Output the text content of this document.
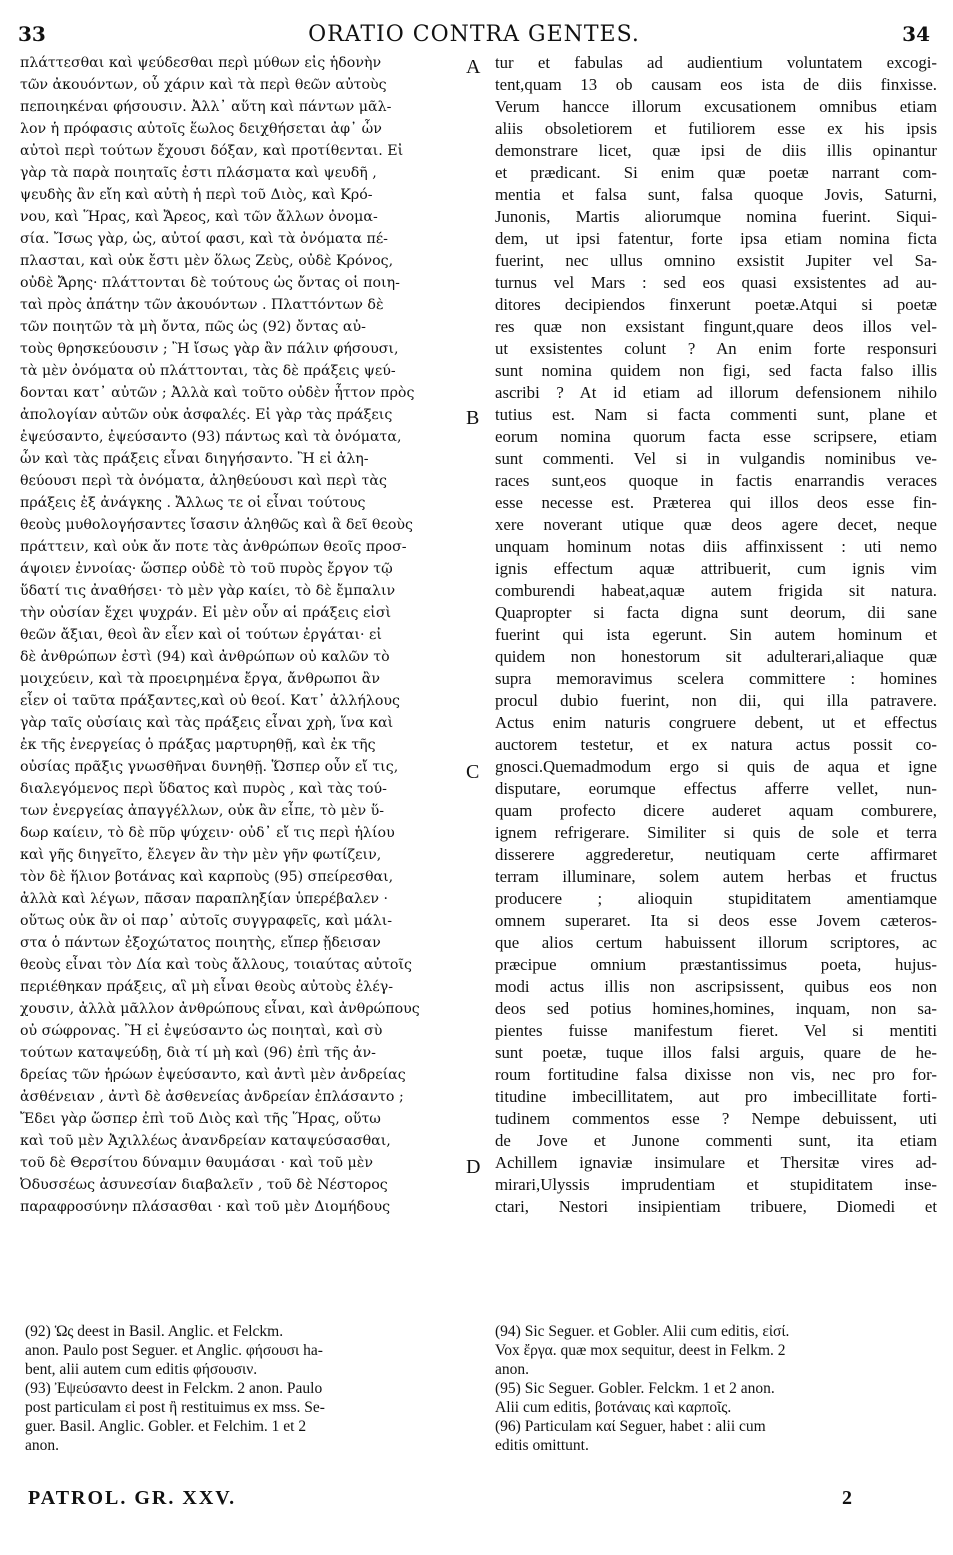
33	ORATIO CONTRA GENTES.	34
πλάττεσθαι καὶ ψεύδεσθαι περὶ μύθων εἰς ἡδονὴν
τῶν ἀκουόντων, οὗ χάριν καὶ τὰ περὶ θεῶν αὐτοὺς
πεποιηκέναι φήσουσιν. Ἀλλ᾽ αὕτη καὶ πάντων μᾶλ-
λον ἡ πρόφασις αὐτοῖς ἕωλος δειχθήσεται ἀφ᾽ ὧν
αὐτοὶ περὶ τούτων ἔχουσι δόξαν, καὶ προτίθενται. Εἰ
γὰρ τὰ παρὰ ποιηταῖς ἐστι πλάσματα καὶ ψευδῆ ,
ψευδὴς ἂν εἴη καὶ αὐτὴ ἡ περὶ τοῦ Διὸς, καὶ Κρό-
νου, καὶ Ἥρας, καὶ Ἄρεος, καὶ τῶν ἄλλων ὀνομα-
σία. Ἴσως γὰρ, ὡς, αὐτοί φασι, καὶ τὰ ὀνόματα πέ-
πλασται, καὶ οὐκ ἔστι μὲν ὅλως Ζεὺς, οὐδὲ Κρόνος,
οὐδὲ Ἄρης· πλάττονται δὲ τούτους ὡς ὄντας οἱ ποιη-
ταὶ πρὸς ἀπάτην τῶν ἀκουόντων . Πλαττόντων δὲ
τῶν ποιητῶν τὰ μὴ ὄντα, πῶς ὡς (92) ὄντας αὐ-
τοὺς θρησκεύουσιν ; Ἢ ἴσως γὰρ ἂν πάλιν φήσουσι,
τὰ μὲν ὀνόματα οὐ πλάττονται, τὰς δὲ πράξεις ψεύ-
δονται κατ᾽ αὐτῶν ; Ἀλλὰ καὶ τοῦτο οὐδὲν ἧττον πρὸς
ἀπολογίαν αὐτῶν οὐκ ἀσφαλές. Εἰ γὰρ τὰς πράξεις
ἐψεύσαντο, ἐψεύσαντο (93) πάντως καὶ τὰ ὀνόματα,
ὧν καὶ τὰς πράξεις εἶναι διηγήσαντο. Ἢ εἰ ἀλη-
θεύουσι περὶ τὰ ὀνόματα, ἀληθεύουσι καὶ περὶ τὰς
πράξεις ἐξ ἀνάγκης . Ἄλλως τε οἱ εἶναι τούτους
θεοὺς μυθολογήσαντες ἴσασιν ἀληθῶς καὶ ἃ δεῖ θεοὺς
πράττειν, καὶ οὐκ ἄν ποτε τὰς ἀνθρώπων θεοῖς προσ-
άψοιεν ἐννοίας· ὥσπερ οὐδὲ τὸ τοῦ πυρὸς ἔργον τῷ
ὕδατί τις ἀναθήσει· τὸ μὲν γὰρ καίει, τὸ δὲ ἔμπαλιν
τὴν οὐσίαν ἔχει ψυχράν. Εἰ μὲν οὖν αἱ πράξεις εἰσὶ
θεῶν ἄξιαι, θεοὶ ἂν εἶεν καὶ οἱ τούτων ἐργάται· εἰ
δὲ ἀνθρώπων ἐστὶ (94) καὶ ἀνθρώπων οὐ καλῶν τὸ
μοιχεύειν, καὶ τὰ προειρημένα ἔργα, ἄνθρωποι ἂν
εἶεν οἱ ταῦτα πράξαντες,καὶ οὐ θεοί. Κατ᾽ ἀλλήλους
γὰρ ταῖς οὐσίαις καὶ τὰς πράξεις εἶναι χρὴ, ἵνα καὶ
ἐκ τῆς ἐνεργείας ὁ πράξας μαρτυρηθῇ, καὶ ἐκ τῆς
οὐσίας πρᾶξις γνωσθῆναι δυνηθῇ. Ὥσπερ οὖν εἴ τις,
διαλεγόμενος περὶ ὕδατος καὶ πυρὸς , καὶ τὰς τού-
των ἐνεργείας ἀπαγγέλλων, οὐκ ἂν εἶπε, τὸ μὲν ὕ-
δωρ καίειν, τὸ δὲ πῦρ ψύχειν· οὐδ᾽ εἴ τις περὶ ἡλίου
καὶ γῆς διηγεῖτο, ἔλεγεν ἂν τὴν μὲν γῆν φωτίζειν,
τὸν δὲ ἥλιον βοτάνας καὶ καρποὺς (95) σπείρεσθαι,
ἀλλὰ καὶ λέγων, πᾶσαν παραπληξίαν ὑπερέβαλεν ·
οὕτως οὐκ ἂν οἱ παρ᾽ αὐτοῖς συγγραφεῖς, καὶ μάλι-
στα ὁ πάντων ἐξοχώτατος ποιητὴς, εἴπερ ᾔδεισαν
θεοὺς εἶναι τὸν Δία καὶ τοὺς ἄλλους, τοιαύτας αὐτοῖς
περιέθηκαν πράξεις, αἳ μὴ εἶναι θεοὺς αὐτοὺς ἐλέγ-
χουσιν, ἀλλὰ μᾶλλον ἀνθρώπους εἶναι, καὶ ἀνθρώπους
οὐ σώφρονας. Ἢ εἰ ἐψεύσαντο ὡς ποιηταὶ, καὶ σὺ
τούτων καταψεύδῃ, διὰ τί μὴ καὶ (96) ἐπὶ τῆς ἀν-
δρείας τῶν ἡρώων ἐψεύσαντο, καὶ ἀντὶ μὲν ἀνδρείας
ἀσθένειαν , ἀντὶ δὲ ἀσθενείας ἀνδρείαν ἐπλάσαντο ;
Ἔδει γὰρ ὥσπερ ἐπὶ τοῦ Διὸς καὶ τῆς Ἥρας, οὕτω
καὶ τοῦ μὲν Ἀχιλλέως ἀνανδρείαν καταψεύσασθαι,
τοῦ δὲ Θερσίτου δύναμιν θαυμάσαι · καὶ τοῦ μὲν
Ὀδυσσέως ἀσυνεσίαν διαβαλεῖν , τοῦ δὲ Νέστορος
παραφροσύνην πλάσασθαι · καὶ τοῦ μὲν Διομήδους
tur et fabulas ad audientium voluntatem excogi-
tent,quam 13 ob causam eos ista de diis finxisse.
Verum hancce illorum excusationem omnibus etiam
aliis obsoletiorem et futiliorem esse ex his ipsis
demonstrare licet, quæ ipsi de diis illis opinantur
et prædicant. Si enim quæ poetæ narrant com-
mentia et falsa sunt, falsa quoque Jovis, Saturni,
Junonis, Martis aliorumque nomina fuerint. Siqui-
dem, ut ipsi fatentur, forte ipsa etiam nomina ficta
fuerint, nec ullus omnino exsistit Jupiter vel Sa-
turnus vel Mars : sed eos quasi exsistentes ad au-
ditores decipiendos finxerunt poetæ.Atqui si poetæ
res quæ non exsistant fingunt,quare deos illos vel-
ut exsistentes colunt ? An enim forte responsuri
sunt nomina quidem non figi, sed facta falso illis
ascribi ? At id etiam ad illorum defensionem nihilo
tutius est. Nam si facta commenti sunt, plane et
eorum nomina quorum facta esse scripsere, etiam
sunt commenti. Vel si in vulgandis nominibus ve-
races sunt,eos quoque in factis enarrandis veraces
esse necesse est. Præterea qui illos deos esse fin-
xere noverant utique quæ deos agere decet, neque
unquam hominum notas diis affinxissent : uti nemo
ignis effectum aquæ attribuerit, cum ignis vim
comburendi habeat,aquæ autem frigida sit natura.
Quapropter si facta digna sunt deorum, dii sane
fuerint qui ista egerunt. Sin autem hominum et
quidem non honestorum sit adulterari,aliaque quæ
supra memoravimus scelera committere : homines
procul dubio fuerint, non dii, qui illa patravere.
Actus enim naturis congruere debent, ut et effectus
auctorem testetur, et ex natura actus possit co-
gnosci.Quemadmodum ergo si quis de aqua et igne
disputare, eorumque effectus afferre vellet, nun-
quam profecto dicere auderet aquam comburere,
ignem refrigerare. Similiter si quis de sole et terra
disserere aggrederetur, neutiquam certe affirmaret
terram illuminare, solem autem herbas et fructus
producere ; alioquin stupiditatem amentiamque
omnem superaret. Ita si deos esse Jovem cæteros-
que alios certum habuissent illorum scriptores, ac
præcipue omnium præstantissimus poeta, hujus-
modi actus illis non ascripsissent, quibus eos non
deos sed potius homines,homines, inquam, non sa-
pientes fuisse manifestum fieret. Vel si mentiti
sunt poetæ, tuque illos falsi arguis, quare de he-
roum fortitudine falsa dixisse non vis, nec pro for-
titudine imbecillitatem, aut pro imbecillitate forti-
tudinem commentos esse ? Nempe debuissent, uti
de Jove et Junone commenti sunt, ita etiam
Achillem ignaviæ insimulare et Thersitæ vires ad-
mirari,Ulyssis imprudentiam et stupiditatem inse-
ctari, Nestori insipientiam tribuere, Diomedi et
A
B
C
D
(92) Ὡς deest in Basil. Anglic. et Felckm.
anon. Paulo post Seguer. et Anglic. φήσουσι ha-
bent, alii autem cum editis φήσουσιν.
(93) Ἐψεύσαντο deest in Felckm. 2 anon. Paulo
post particulam εἰ post ἢ restituimus ex mss. Se-
guer. Basil. Anglic. Gobler. et Felchim. 1 et 2
anon.
(94) Sic Seguer. et Gobler. Alii cum editis, εἰσί.
Vox ἔργα. quæ mox sequitur, deest in Felkm. 2
anon.
(95) Sic Seguer. Gobler. Felckm. 1 et 2 anon.
Alii cum editis, βοτάναις καὶ καρποῖς.
(96) Particulam καί Seguer, habet : alii cum
editis omittunt.
PATROL. GR. XXV.	2
